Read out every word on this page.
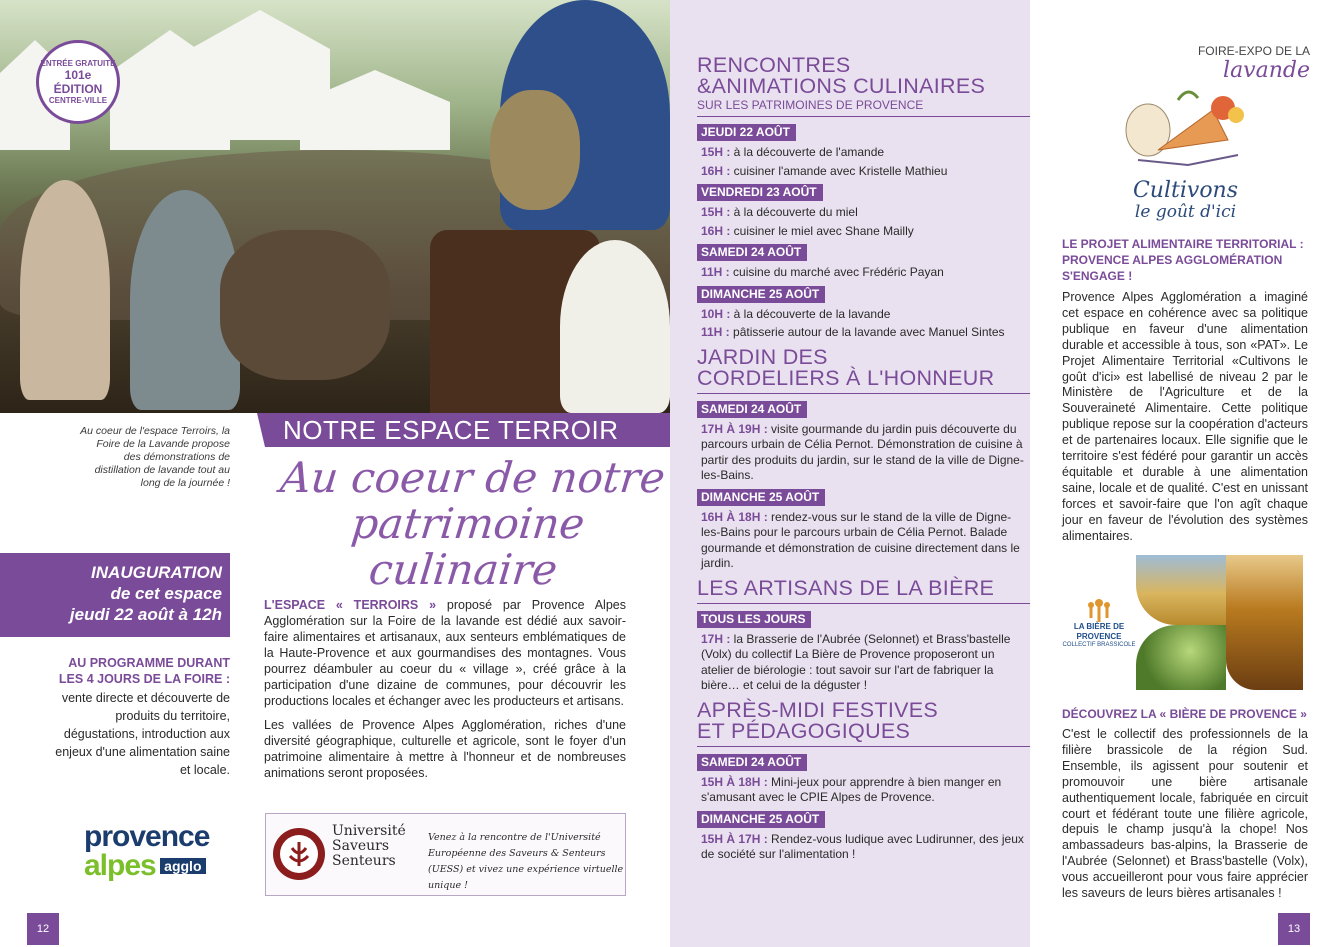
ENTRÉE GRATUITE
101e ÉDITION
CENTRE-VILLE
Au coeur de l'espace Terroirs, la Foire de la Lavande propose des démonstrations de distillation de lavande tout au long de la journée !
NOTRE ESPACE TERROIR
Au coeur de notre patrimoine culinaire
INAUGURATION
de cet espace
jeudi 22 août à 12h
AU PROGRAMME DURANT LES 4 JOURS DE LA FOIRE :
vente directe et découverte de produits du territoire, dégustations, introduction aux enjeux d'une alimentation saine et locale.

L'ESPACE « TERROIRS » proposé par Provence Alpes Agglomération sur la Foire de la lavande est dédié aux savoir-faire alimentaires et artisanaux, aux senteurs emblématiques de la Haute-Provence et aux gourmandises des montagnes. Vous pourrez déambuler au coeur du « village », créé grâce à la participation d'une dizaine de communes, pour découvrir les productions locales et échanger avec les producteurs et artisans.

Les vallées de Provence Alpes Agglomération, riches d'une diversité géographique, culturelle et agricole, sont le foyer d'un patrimoine alimentaire à mettre à l'honneur et de nombreuses animations seront proposées.

provence
alpes agglo
Université
Saveurs
Senteurs
Venez à la rencontre de l'Université Européenne des Saveurs & Senteurs (UESS) et vivez une expérience virtuelle unique !
12
RENCONTRES
&ANIMATIONS CULINAIRES
SUR LES PATRIMOINES DE PROVENCE
JEUDI 22 AOÛT
15H : à la découverte de l'amande
16H : cuisiner l'amande avec Kristelle Mathieu
VENDREDI 23 AOÛT
15H : à la découverte du miel
16H : cuisiner le miel avec Shane Mailly
SAMEDI 24 AOÛT
11H : cuisine du marché avec Frédéric Payan
DIMANCHE 25 AOÛT
10H : à la découverte de la lavande
11H : pâtisserie autour de la lavande avec Manuel Sintes
JARDIN DES
CORDELIERS À L'HONNEUR
SAMEDI 24 AOÛT
17H À 19H : visite gourmande du jardin puis découverte du parcours urbain de Célia Pernot. Démonstration de cuisine à partir des produits du jardin, sur le stand de la ville de Digne-les-Bains.
DIMANCHE 25 AOÛT
16H À 18H : rendez-vous sur le stand de la ville de Digne-les-Bains pour le parcours urbain de Célia Pernot. Balade gourmande et démonstration de cuisine directement dans le jardin.
LES ARTISANS DE LA BIÈRE
TOUS LES JOURS
17H : la Brasserie de l'Aubrée (Selonnet) et Brass'bastelle (Volx) du collectif La Bière de Provence proposeront un atelier de biérologie : tout savoir sur l'art de fabriquer la bière… et celui de la déguster !
APRÈS-MIDI FESTIVES
ET PÉDAGOGIQUES
SAMEDI 24 AOÛT
15H À 18H : Mini-jeux pour apprendre à bien manger en s'amusant avec le CPIE Alpes de Provence.
DIMANCHE 25 AOÛT
15H À 17H : Rendez-vous ludique avec Ludirunner, des jeux de société sur l'alimentation !
FOIRE-EXPO DE LA lavande
Cultivons
le goût d'ici
LE PROJET ALIMENTAIRE TERRITORIAL : PROVENCE ALPES AGGLOMÉRATION S'ENGAGE !
Provence Alpes Agglomération a imaginé cet espace en cohérence avec sa politique publique en faveur d'une alimentation durable et accessible à tous, son «PAT». Le Projet Alimentaire Territorial «Cultivons le goût d'ici» est labellisé de niveau 2 par le Ministère de l'Agriculture et de la Souveraineté Alimentaire. Cette politique publique repose sur la coopération d'acteurs et de partenaires locaux. Elle signifie que le territoire s'est fédéré pour garantir un accès équitable et durable à une alimentation saine, locale et de qualité. C'est en unissant forces et savoir-faire que l'on agît chaque jour en faveur de l'évolution des systèmes alimentaires.
LA BIÈRE DE PROVENCE
COLLECTIF BRASSICOLE
DÉCOUVREZ LA « BIÈRE DE PROVENCE »
C'est le collectif des professionnels de la filière brassicole de la région Sud. Ensemble, ils agissent pour soutenir et promouvoir une bière artisanale authentiquement locale, fabriquée en circuit court et fédérant toute une filière agricole, depuis le champ jusqu'à la chope! Nos ambassadeurs bas-alpins, la Brasserie de l'Aubrée (Selonnet) et Brass'bastelle (Volx), vous accueilleront pour vous faire apprécier les saveurs de leurs bières artisanales !
13
